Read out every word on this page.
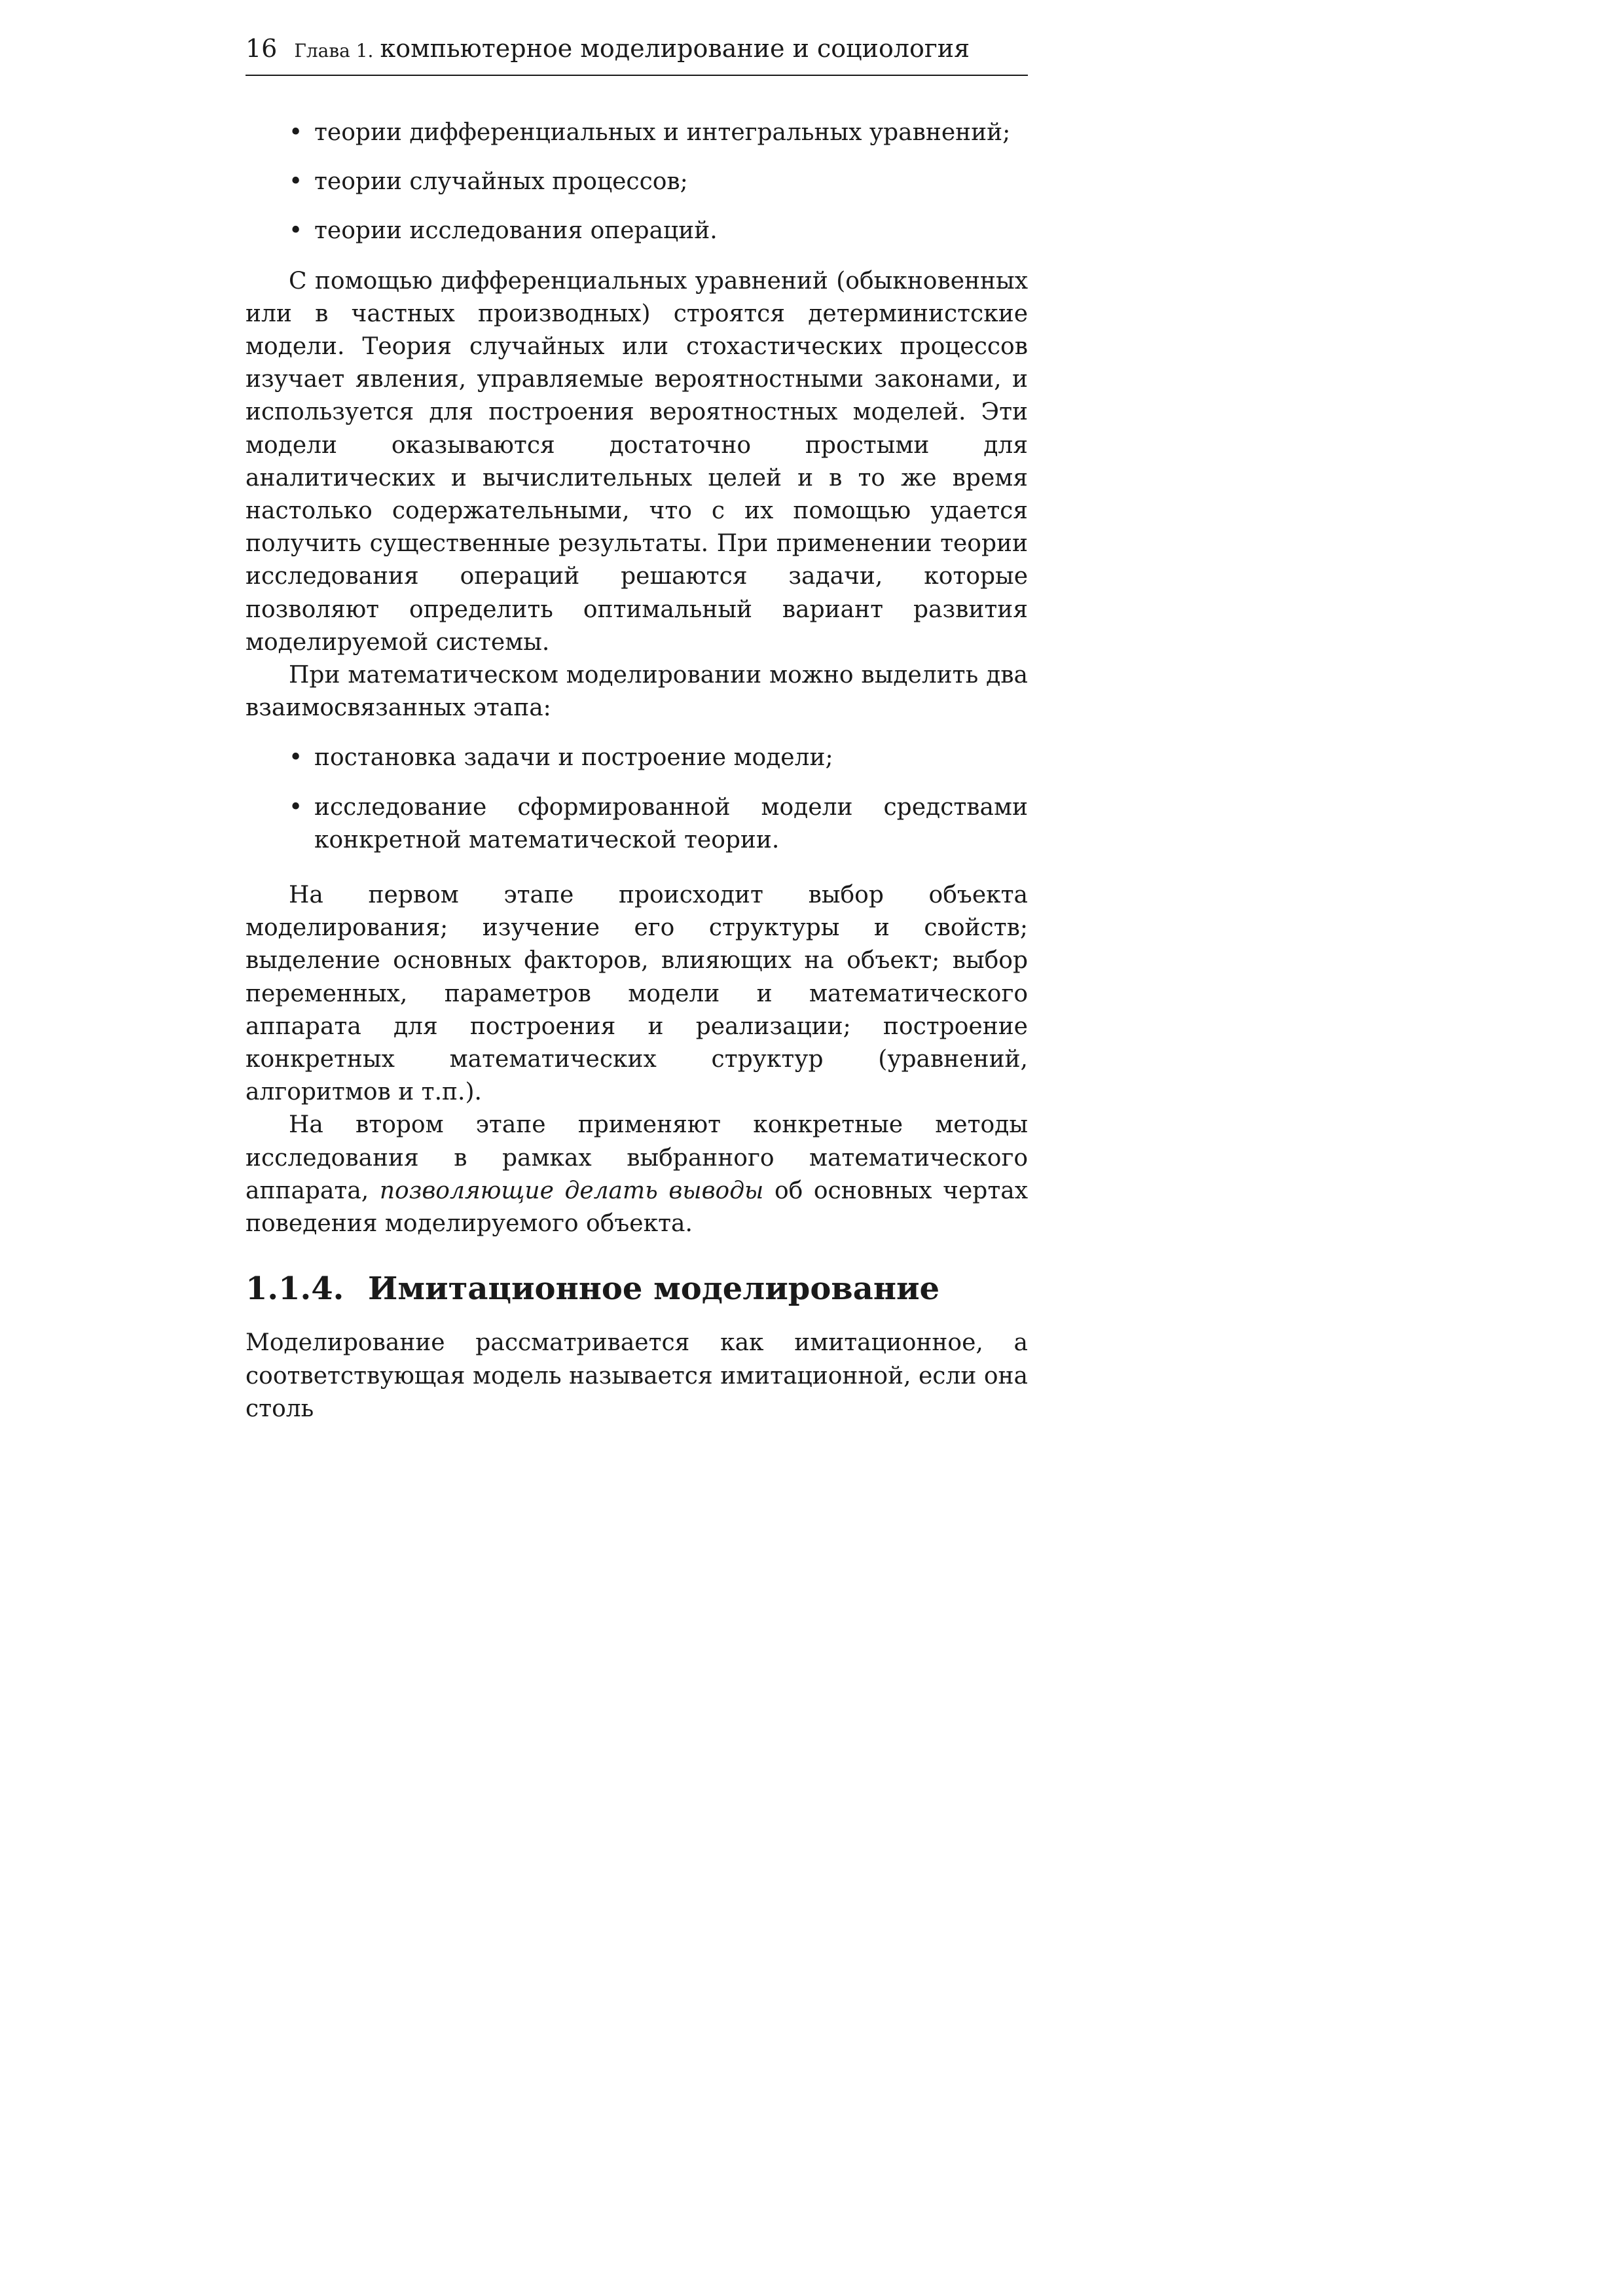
16 Глава 1. компьютерное моделирование и социология
• теории дифференциальных и интегральных уравнений;
• теории случайных процессов;
• теории исследования операций.

С помощью дифференциальных уравнений (обыкновенных или в частных производных) строятся детерминистские модели. Теория случайных или стохастических процессов изучает явления, управляемые вероятностными законами, и используется для построения вероятностных моделей. Эти модели оказываются достаточно простыми для аналитических и вычислительных целей и в то же время настолько содержательными, что с их помощью удается получить существенные результаты. При применении теории исследования операций решаются задачи, которые позволяют определить оптимальный вариант развития моделируемой системы.

При математическом моделировании можно выделить два взаимосвязанных этапа:

• постановка задачи и построение модели;
• исследование сформированной модели средствами конкретной математической теории.

На первом этапе происходит выбор объекта моделирования; изучение его структуры и свойств; выделение основных факторов, влияющих на объект; выбор переменных, параметров модели и математического аппарата для построения и реализации; построение конкретных математических структур (уравнений, алгоритмов и т.п.).

На втором этапе применяют конкретные методы исследования в рамках выбранного математического аппарата, позволяющие делать выводы об основных чертах поведения моделируемого объекта.

1.1.4. Имитационное моделирование

Моделирование рассматривается как имитационное, а соответствующая модель называется имитационной, если она столь
